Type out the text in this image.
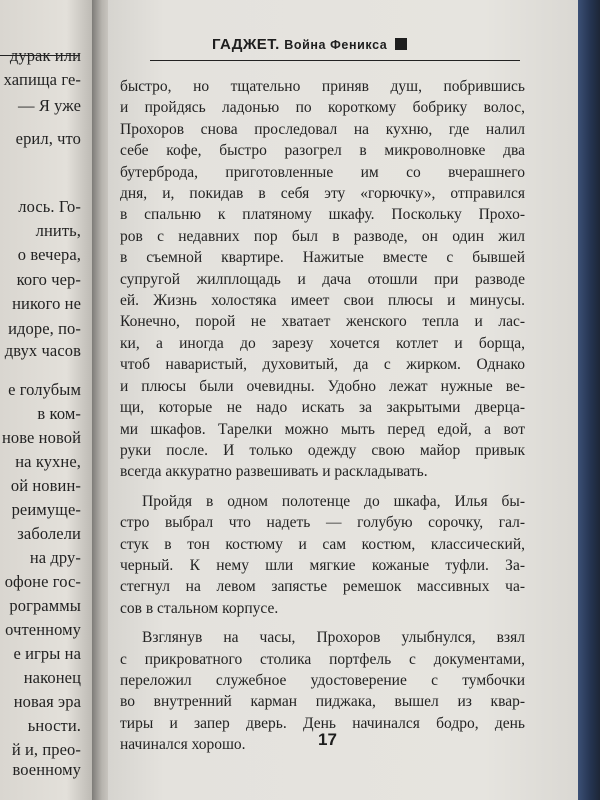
дурак или
хапища ге-
— Я уже
ерил, что
лось. Го-
лнить,
о вечера,
кого чер-
никого не
идоре, по-
двух часов
е голубым
в ком-
нове новой
на кухне,
ой новин-
реимуще-
заболели
на дру-
офоне гос-
рограммы
очтенному
е игры на
наконец
новая эра
ьности.
й и, прео-
военному
ГАДЖЕТ. Война Феникса
быстро, но тщательно приняв душ, побрившись
и пройдясь ладонью по короткому бобрику волос,
Прохоров снова проследовал на кухню, где налил
себе кофе, быстро разогрел в микроволновке два
бутерброда, приготовленные им со вчерашнего
дня, и, покидав в себя эту «горючку», отправился
в спальню к платяному шкафу. Поскольку Прохо-
ров с недавних пор был в разводе, он один жил
в съемной квартире. Нажитые вместе с бывшей
супругой жилплощадь и дача отошли при разводе
ей. Жизнь холостяка имеет свои плюсы и минусы.
Конечно, порой не хватает женского тепла и лас-
ки, а иногда до зарезу хочется котлет и борща,
чтоб наваристый, духовитый, да с жирком. Однако
и плюсы были очевидны. Удобно лежат нужные ве-
щи, которые не надо искать за закрытыми дверца-
ми шкафов. Тарелки можно мыть перед едой, а вот
руки после. И только одежду свою майор привык
всегда аккуратно развешивать и раскладывать.
Пройдя в одном полотенце до шкафа, Илья бы-
стро выбрал что надеть — голубую сорочку, гал-
стук в тон костюму и сам костюм, классический,
черный. К нему шли мягкие кожаные туфли. За-
стегнул на левом запястье ремешок массивных ча-
сов в стальном корпусе.
Взглянув на часы, Прохоров улыбнулся, взял
с прикроватного столика портфель с документами,
переложил служебное удостоверение с тумбочки
во внутренний карман пиджака, вышел из квар-
тиры и запер дверь. День начинался бодро, день
начинался хорошо.	17
